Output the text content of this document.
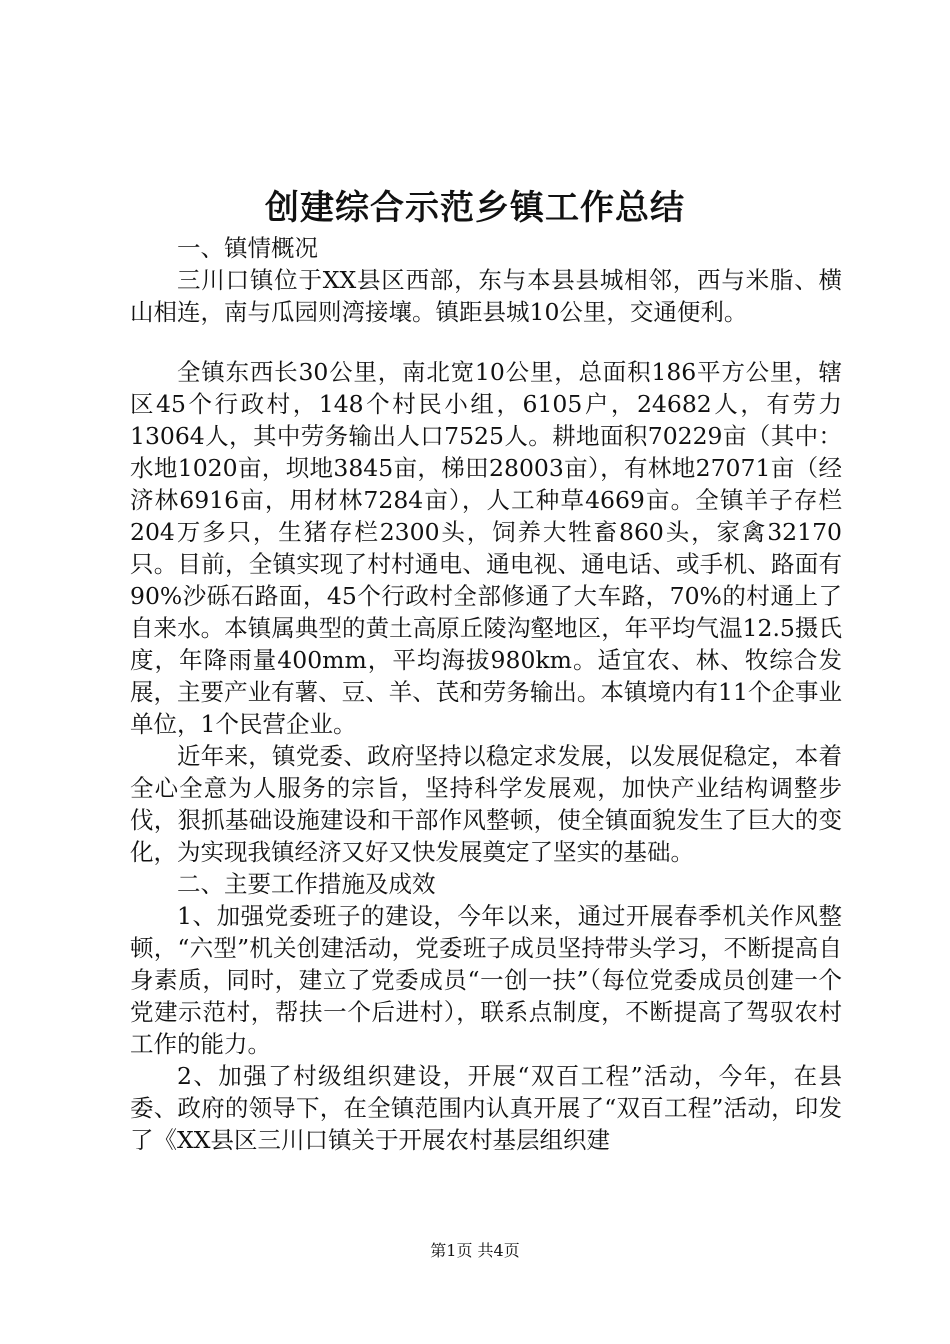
创建综合示范乡镇工作总结

一、镇情概况

三川口镇位于XX县区西部，东与本县县城相邻，西与米脂、横山相连，南与瓜园则湾接壤。镇距县城10公里，交通便利。

全镇东西长30公里，南北宽10公里，总面积186平方公里，辖区45个行政村，148个村民小组，6105户，24682人，有劳力13064人，其中劳务输出人口7525人。耕地面积70229亩（其中：水地1020亩，坝地3845亩，梯田28003亩），有林地27071亩（经济林6916亩，用材林7284亩），人工种草4669亩。全镇羊子存栏204万多只，生猪存栏2300头，饲养大牲畜860头，家禽32170只。目前，全镇实现了村村通电、通电视、通电话、或手机、路面有90%沙砾石路面，45个行政村全部修通了大车路，70%的村通上了自来水。本镇属典型的黄土高原丘陵沟壑地区，年平均气温12.5摄氏度，年降雨量400mm，平均海拔980km。适宜农、林、牧综合发展，主要产业有薯、豆、羊、芪和劳务输出。本镇境内有11个企事业单位，1个民营企业。

近年来，镇党委、政府坚持以稳定求发展，以发展促稳定，本着全心全意为人服务的宗旨，坚持科学发展观，加快产业结构调整步伐，狠抓基础设施建设和干部作风整顿，使全镇面貌发生了巨大的变化，为实现我镇经济又好又快发展奠定了坚实的基础。

二、主要工作措施及成效

1、加强党委班子的建设，今年以来，通过开展春季机关作风整顿，“六型”机关创建活动，党委班子成员坚持带头学习，不断提高自身素质，同时，建立了党委成员“一创一扶”（每位党委成员创建一个党建示范村，帮扶一个后进村），联系点制度，不断提高了驾驭农村工作的能力。

2、加强了村级组织建设，开展“双百工程”活动，今年，在县委、政府的领导下，在全镇范围内认真开展了“双百工程”活动，印发了《XX县区三川口镇关于开展农村基层组织建

第1页 共4页
